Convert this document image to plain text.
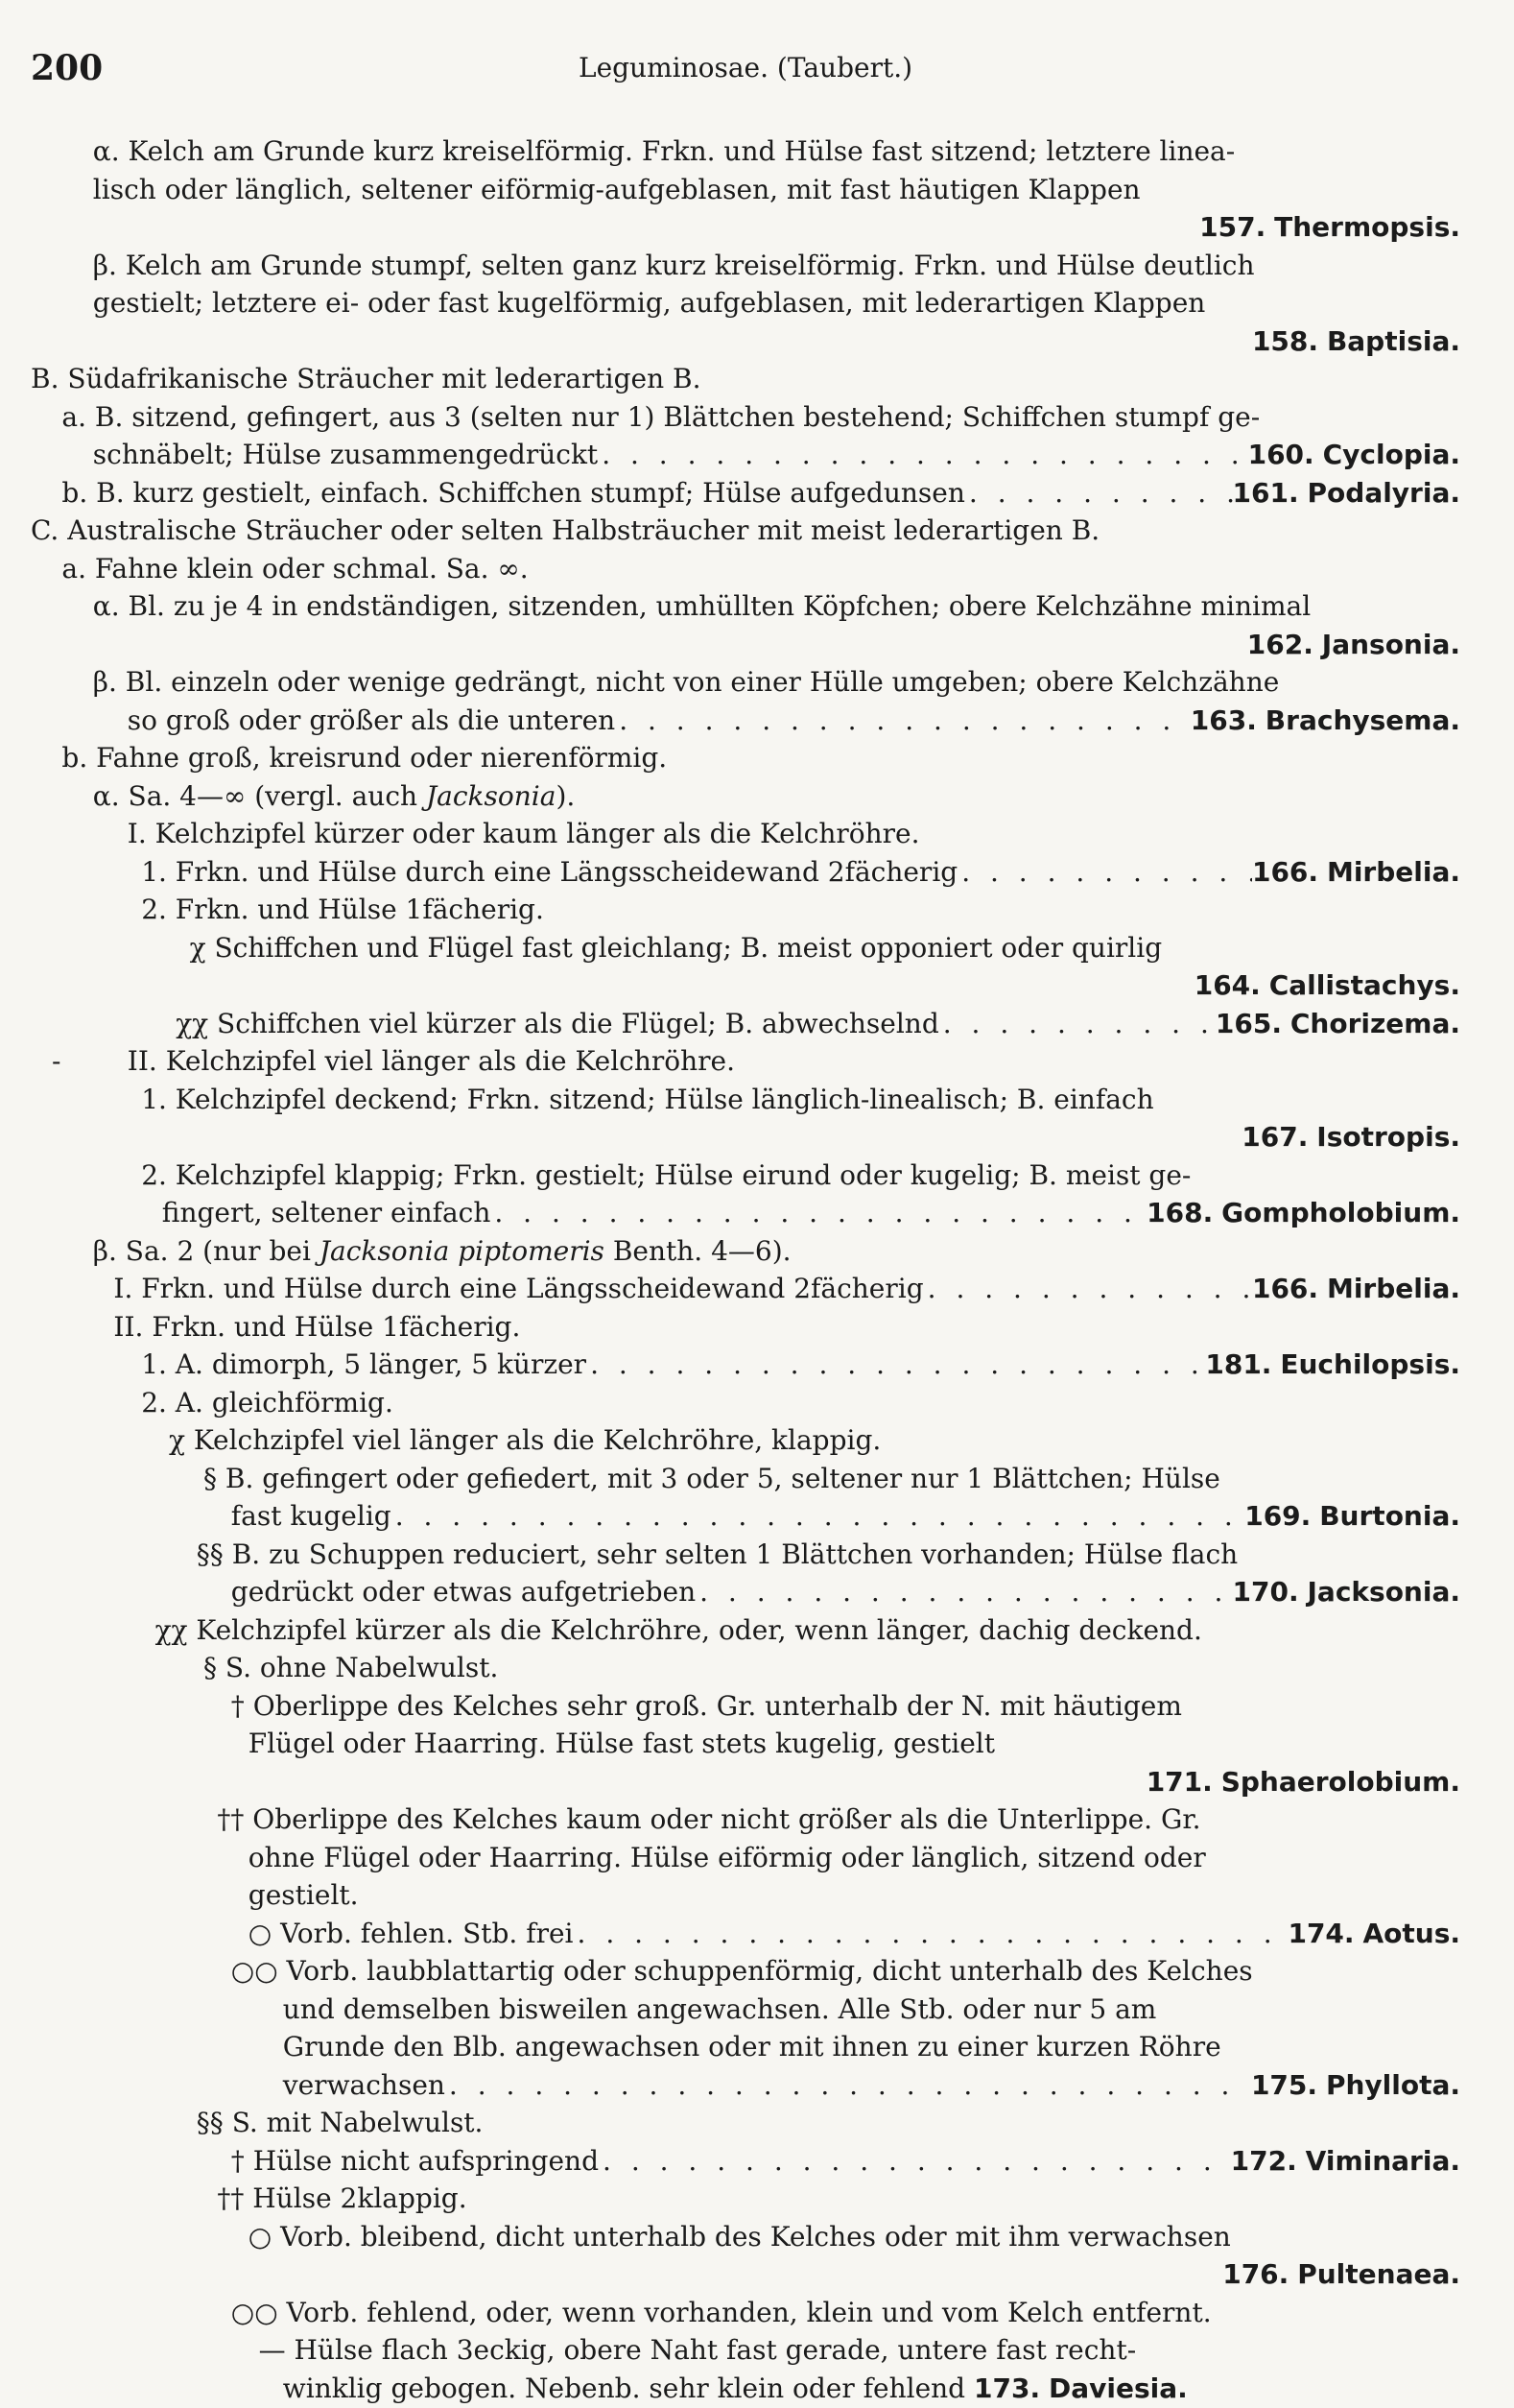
200	Leguminosae. (Taubert.)
α. Kelch am Grunde kurz kreiselförmig. Frkn. und Hülse fast sitzend; letztere linea-
lisch oder länglich, seltener eiförmig-aufgeblasen, mit fast häutigen Klappen
157. Thermopsis.
β. Kelch am Grunde stumpf, selten ganz kurz kreiselförmig. Frkn. und Hülse deutlich
gestielt; letztere ei- oder fast kugelförmig, aufgeblasen, mit lederartigen Klappen
158. Baptisia.
B. Südafrikanische Sträucher mit lederartigen B.
a. B. sitzend, gefingert, aus 3 (selten nur 1) Blättchen bestehend; Schiffchen stumpf ge-
schnäbelt; Hülse zusammengedrückt . . .	160. Cyclopia.
b. B. kurz gestielt, einfach. Schiffchen stumpf; Hülse aufgedunsen . . .	161. Podalyria.
C. Australische Sträucher oder selten Halbsträucher mit meist lederartigen B.
a. Fahne klein oder schmal. Sa. ∞.
α. Bl. zu je 4 in endständigen, sitzenden, umhüllten Köpfchen; obere Kelchzähne minimal
162. Jansonia.
β. Bl. einzeln oder wenige gedrängt, nicht von einer Hülle umgeben; obere Kelchzähne
so groß oder größer als die unteren . . .	163. Brachysema.
b. Fahne groß, kreisrund oder nierenförmig.
α. Sa. 4—∞ (vergl. auch Jacksonia).
I. Kelchzipfel kürzer oder kaum länger als die Kelchröhre.
1. Frkn. und Hülse durch eine Längsscheidewand 2fächerig . . .	166. Mirbelia.
2. Frkn. und Hülse 1fächerig.
χ Schiffchen und Flügel fast gleichlang; B. meist opponiert oder quirlig
164. Callistachys.
χχ Schiffchen viel kürzer als die Flügel; B. abwechselnd . . .	165. Chorizema.
II. Kelchzipfel viel länger als die Kelchröhre.
-
1. Kelchzipfel deckend; Frkn. sitzend; Hülse länglich-linealisch; B. einfach
167. Isotropis.
2. Kelchzipfel klappig; Frkn. gestielt; Hülse eirund oder kugelig; B. meist ge-
fingert, seltener einfach . . .	168. Gompholobium.
β. Sa. 2 (nur bei Jacksonia piptomeris Benth. 4—6).
I. Frkn. und Hülse durch eine Längsscheidewand 2fächerig . . .	166. Mirbelia.
II. Frkn. und Hülse 1fächerig.
1. A. dimorph, 5 länger, 5 kürzer . . .	181. Euchilopsis.
2. A. gleichförmig.
χ Kelchzipfel viel länger als die Kelchröhre, klappig.
§ B. gefingert oder gefiedert, mit 3 oder 5, seltener nur 1 Blättchen; Hülse
fast kugelig . . .	169. Burtonia.
§§ B. zu Schuppen reduciert, sehr selten 1 Blättchen vorhanden; Hülse flach
gedrückt oder etwas aufgetrieben . . .	170. Jacksonia.
χχ Kelchzipfel kürzer als die Kelchröhre, oder, wenn länger, dachig deckend.
§ S. ohne Nabelwulst.
† Oberlippe des Kelches sehr groß. Gr. unterhalb der N. mit häutigem
Flügel oder Haarring. Hülse fast stets kugelig, gestielt
171. Sphaerolobium.
†† Oberlippe des Kelches kaum oder nicht größer als die Unterlippe. Gr.
ohne Flügel oder Haarring. Hülse eiförmig oder länglich, sitzend oder
gestielt.
○ Vorb. fehlen. Stb. frei . . .	174. Aotus.
○○ Vorb. laubblattartig oder schuppenförmig, dicht unterhalb des Kelches
und demselben bisweilen angewachsen. Alle Stb. oder nur 5 am
Grunde den Blb. angewachsen oder mit ihnen zu einer kurzen Röhre
verwachsen . . .	175. Phyllota.
§§ S. mit Nabelwulst.
† Hülse nicht aufspringend . . .	172. Viminaria.
†† Hülse 2klappig.
○ Vorb. bleibend, dicht unterhalb des Kelches oder mit ihm verwachsen
176. Pultenaea.
○○ Vorb. fehlend, oder, wenn vorhanden, klein und vom Kelch entfernt.
— Hülse flach 3eckig, obere Naht fast gerade, untere fast recht-
winklig gebogen. Nebenb. sehr klein oder fehlend 173. Daviesia.
